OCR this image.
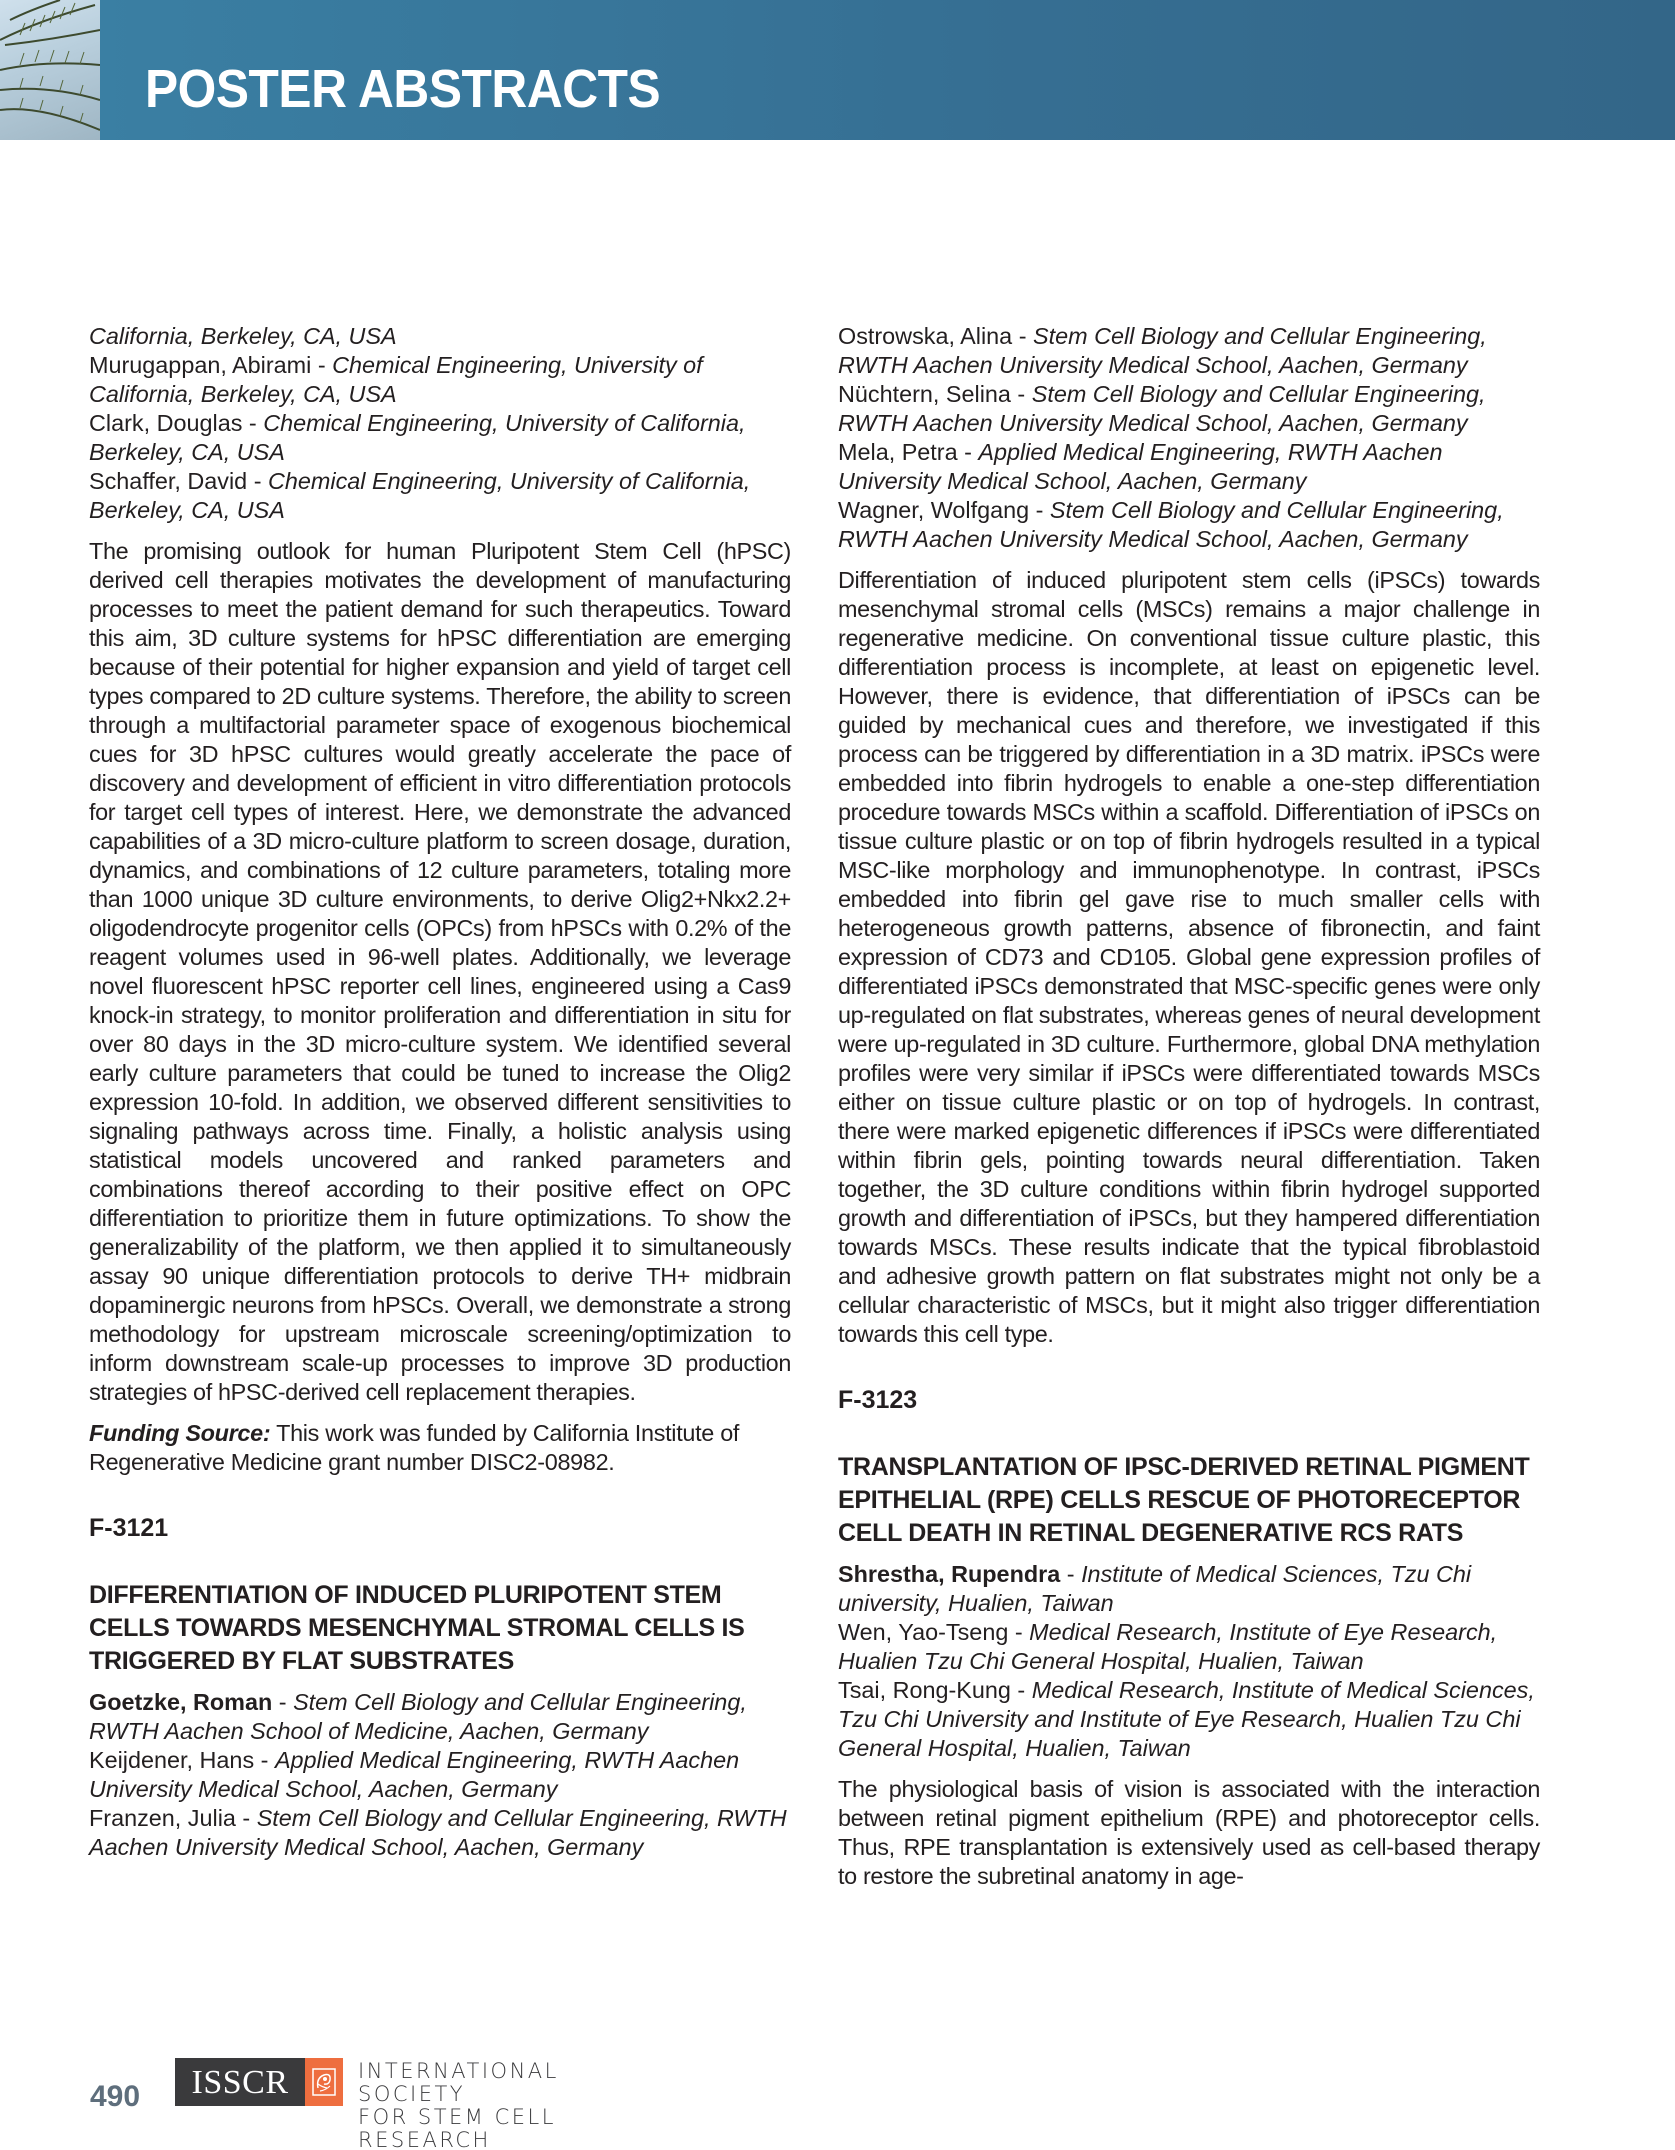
POSTER ABSTRACTS
California, Berkeley, CA, USA
Murugappan, Abirami - Chemical Engineering, University of California, Berkeley, CA, USA
Clark, Douglas - Chemical Engineering, University of California, Berkeley, CA, USA
Schaffer, David - Chemical Engineering, University of California, Berkeley, CA, USA

The promising outlook for human Pluripotent Stem Cell (hPSC) derived cell therapies motivates the development of manufacturing processes to meet the patient demand for such therapeutics. Toward this aim, 3D culture systems for hPSC differentiation are emerging because of their potential for higher expansion and yield of target cell types compared to 2D culture systems. Therefore, the ability to screen through a multifactorial parameter space of exogenous biochemical cues for 3D hPSC cultures would greatly accelerate the pace of discovery and development of efficient in vitro differentiation protocols for target cell types of interest. Here, we demonstrate the advanced capabilities of a 3D micro-culture platform to screen dosage, duration, dynamics, and combinations of 12 culture parameters, totaling more than 1000 unique 3D culture environments, to derive Olig2+Nkx2.2+ oligodendrocyte progenitor cells (OPCs) from hPSCs with 0.2% of the reagent volumes used in 96-well plates. Additionally, we leverage novel fluorescent hPSC reporter cell lines, engineered using a Cas9 knock-in strategy, to monitor proliferation and differentiation in situ for over 80 days in the 3D micro-culture system. We identified several early culture parameters that could be tuned to increase the Olig2 expression 10-fold. In addition, we observed different sensitivities to signaling pathways across time. Finally, a holistic analysis using statistical models uncovered and ranked parameters and combinations thereof according to their positive effect on OPC differentiation to prioritize them in future optimizations. To show the generalizability of the platform, we then applied it to simultaneously assay 90 unique differentiation protocols to derive TH+ midbrain dopaminergic neurons from hPSCs. Overall, we demonstrate a strong methodology for upstream microscale screening/optimization to inform downstream scale-up processes to improve 3D production strategies of hPSC-derived cell replacement therapies.

Funding Source: This work was funded by California Institute of Regenerative Medicine grant number DISC2-08982.

F-3121
DIFFERENTIATION OF INDUCED PLURIPOTENT STEM CELLS TOWARDS MESENCHYMAL STROMAL CELLS IS TRIGGERED BY FLAT SUBSTRATES
Goetzke, Roman - Stem Cell Biology and Cellular Engineering, RWTH Aachen School of Medicine, Aachen, Germany
Keijdener, Hans - Applied Medical Engineering, RWTH Aachen University Medical School, Aachen, Germany
Franzen, Julia - Stem Cell Biology and Cellular Engineering, RWTH Aachen University Medical School, Aachen, Germany
Ostrowska, Alina - Stem Cell Biology and Cellular Engineering, RWTH Aachen University Medical School, Aachen, Germany
Nüchtern, Selina - Stem Cell Biology and Cellular Engineering, RWTH Aachen University Medical School, Aachen, Germany
Mela, Petra - Applied Medical Engineering, RWTH Aachen University Medical School, Aachen, Germany
Wagner, Wolfgang - Stem Cell Biology and Cellular Engineering, RWTH Aachen University Medical School, Aachen, Germany

Differentiation of induced pluripotent stem cells (iPSCs) towards mesenchymal stromal cells (MSCs) remains a major challenge in regenerative medicine. On conventional tissue culture plastic, this differentiation process is incomplete, at least on epigenetic level. However, there is evidence, that differentiation of iPSCs can be guided by mechanical cues and therefore, we investigated if this process can be triggered by differentiation in a 3D matrix. iPSCs were embedded into fibrin hydrogels to enable a one-step differentiation procedure towards MSCs within a scaffold. Differentiation of iPSCs on tissue culture plastic or on top of fibrin hydrogels resulted in a typical MSC-like morphology and immunophenotype. In contrast, iPSCs embedded into fibrin gel gave rise to much smaller cells with heterogeneous growth patterns, absence of fibronectin, and faint expression of CD73 and CD105. Global gene expression profiles of differentiated iPSCs demonstrated that MSC-specific genes were only up-regulated on flat substrates, whereas genes of neural development were up-regulated in 3D culture. Furthermore, global DNA methylation profiles were very similar if iPSCs were differentiated towards MSCs either on tissue culture plastic or on top of hydrogels. In contrast, there were marked epigenetic differences if iPSCs were differentiated within fibrin gels, pointing towards neural differentiation. Taken together, the 3D culture conditions within fibrin hydrogel supported growth and differentiation of iPSCs, but they hampered differentiation towards MSCs. These results indicate that the typical fibroblastoid and adhesive growth pattern on flat substrates might not only be a cellular characteristic of MSCs, but it might also trigger differentiation towards this cell type.

F-3123
TRANSPLANTATION OF IPSC-DERIVED RETINAL PIGMENT EPITHELIAL (RPE) CELLS RESCUE OF PHOTORECEPTOR CELL DEATH IN RETINAL DEGENERATIVE RCS RATS
Shrestha, Rupendra - Institute of Medical Sciences, Tzu Chi university, Hualien, Taiwan
Wen, Yao-Tseng - Medical Research, Institute of Eye Research, Hualien Tzu Chi General Hospital, Hualien, Taiwan
Tsai, Rong-Kung - Medical Research, Institute of Medical Sciences, Tzu Chi University and Institute of Eye Research, Hualien Tzu Chi General Hospital, Hualien, Taiwan

The physiological basis of vision is associated with the interaction between retinal pigment epithelium (RPE) and photoreceptor cells. Thus, RPE transplantation is extensively used as cell-based therapy to restore the subretinal anatomy in age-

490	ISSCR	INTERNATIONAL SOCIETY
FOR STEM CELL RESEARCH
